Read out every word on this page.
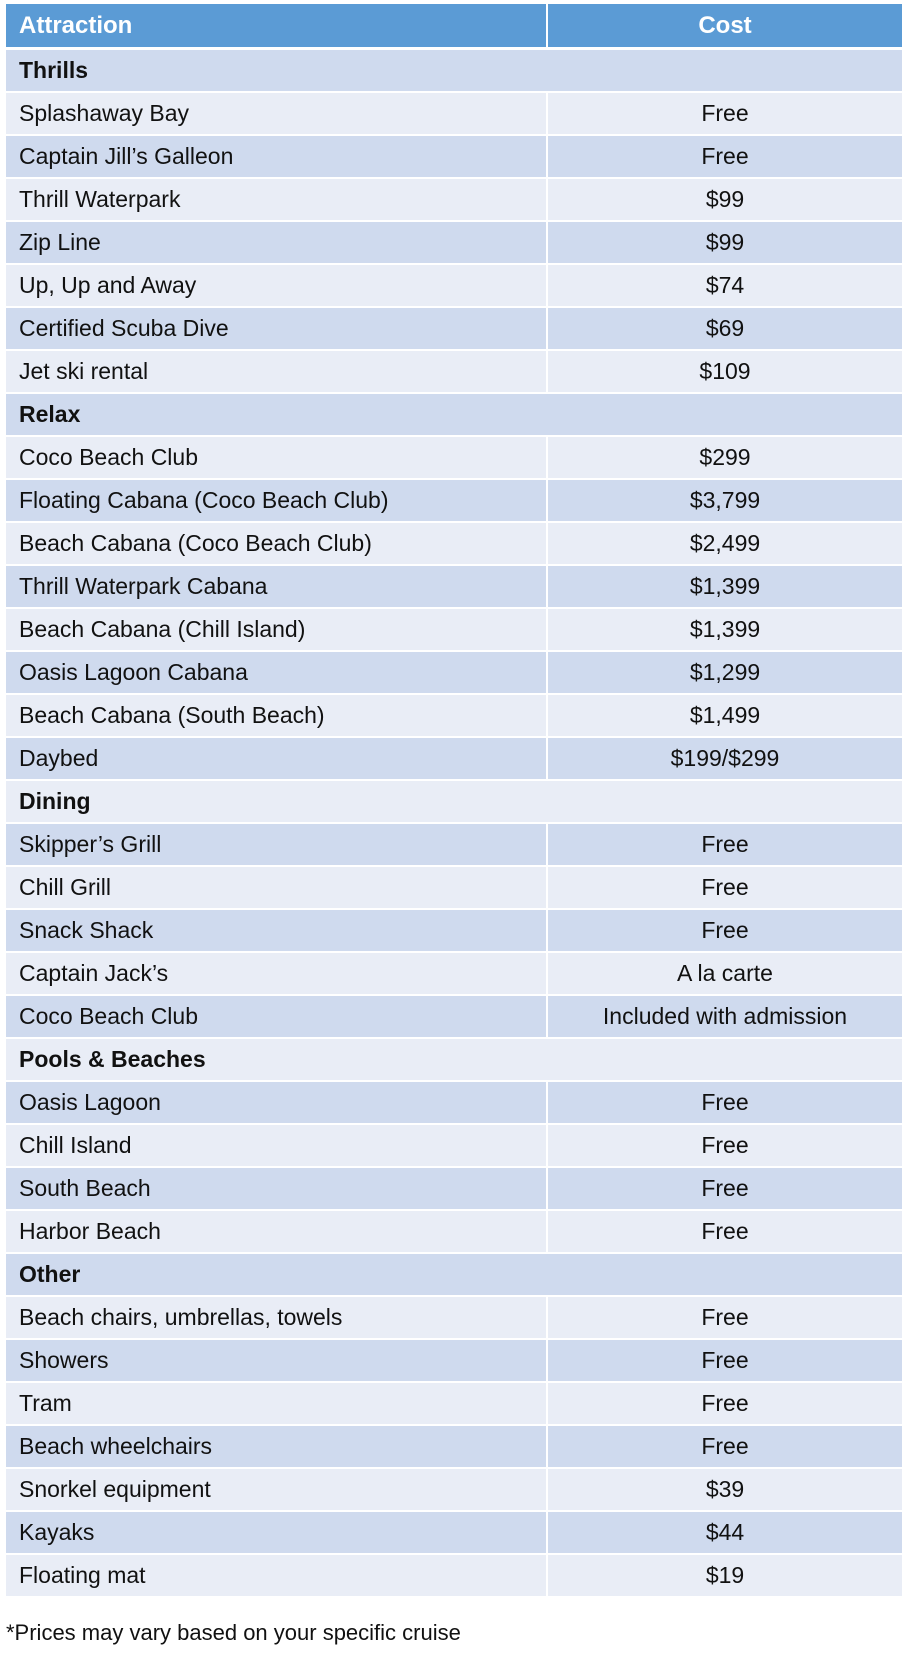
Attraction	Cost
Thrills
Splashaway Bay	Free
Captain Jill’s Galleon	Free
Thrill Waterpark	$99
Zip Line	$99
Up, Up and Away	$74
Certified Scuba Dive	$69
Jet ski rental	$109
Relax
Coco Beach Club	$299
Floating Cabana (Coco Beach Club)	$3,799
Beach Cabana (Coco Beach Club)	$2,499
Thrill Waterpark Cabana	$1,399
Beach Cabana (Chill Island)	$1,399
Oasis Lagoon Cabana	$1,299
Beach Cabana (South Beach)	$1,499
Daybed	$199/$299
Dining
Skipper’s Grill	Free
Chill Grill	Free
Snack Shack	Free
Captain Jack’s	A la carte
Coco Beach Club	Included with admission
Pools & Beaches
Oasis Lagoon	Free
Chill Island	Free
South Beach	Free
Harbor Beach	Free
Other
Beach chairs, umbrellas, towels	Free
Showers	Free
Tram	Free
Beach wheelchairs	Free
Snorkel equipment	$39
Kayaks	$44
Floating mat	$19
*Prices may vary based on your specific cruise
